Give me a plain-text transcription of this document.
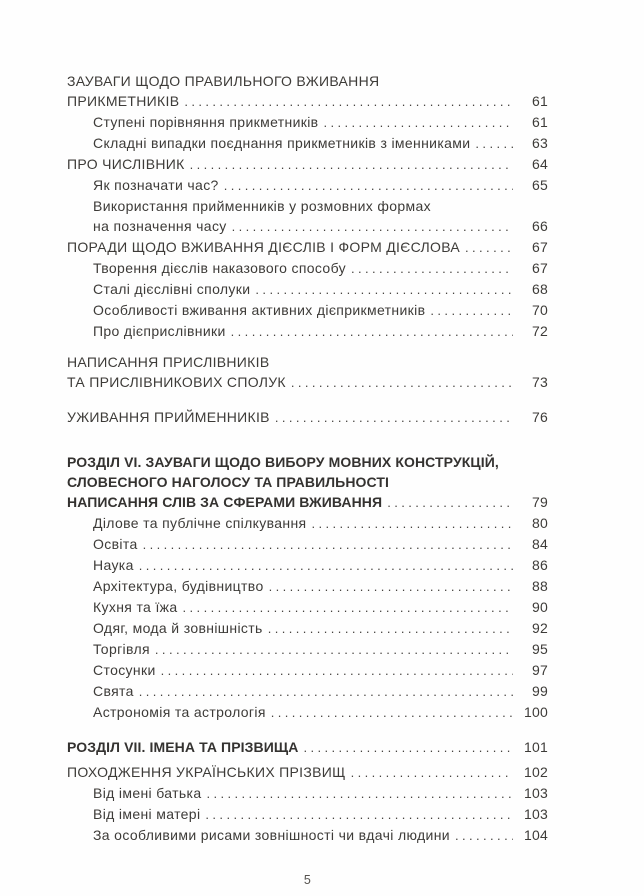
ЗАУВАГИ ЩОДО ПРАВИЛЬНОГО ВЖИВАННЯ
ПРИКМЕТНИКІВ .....	61
Ступені порівняння прикметників .....	61
Складні випадки поєднання прикметників з іменниками .....	63
ПРО ЧИСЛІВНИК .....	64
Як позначати час? .....	65
Використання прийменників у розмовних формах
на позначення часу .....	66
ПОРАДИ ЩОДО ВЖИВАННЯ ДІЄСЛІВ І ФОРМ ДІЄСЛОВА .....	67
Творення дієслів наказового способу .....	67
Сталі дієслівні сполуки .....	68
Особливості вживання активних дієприкметників .....	70
Про дієприслівники .....	72
НАПИСАННЯ ПРИСЛІВНИКІВ
ТА ПРИСЛІВНИКОВИХ СПОЛУК .....	73
УЖИВАННЯ ПРИЙМЕННИКІВ .....	76
РОЗДІЛ VI. ЗАУВАГИ ЩОДО ВИБОРУ МОВНИХ КОНСТРУКЦІЙ,
СЛОВЕСНОГО НАГОЛОСУ ТА ПРАВИЛЬНОСТІ
НАПИСАННЯ СЛІВ ЗА СФЕРАМИ ВЖИВАННЯ .....	79
Ділове та публічне спілкування .....	80
Освіта .....	84
Наука .....	86
Архітектура, будівництво .....	88
Кухня та їжа .....	90
Одяг, мода й зовнішність .....	92
Торгівля .....	95
Стосунки .....	97
Свята .....	99
Астрономія та астрологія .....	100
РОЗДІЛ VII. ІМЕНА ТА ПРІЗВИЩА .....	101
ПОХОДЖЕННЯ УКРАЇНСЬКИХ ПРІЗВИЩ .....	102
Від імені батька .....	103
Від імені матері .....	103
За особливими рисами зовнішності чи вдачі людини .....	104
5
